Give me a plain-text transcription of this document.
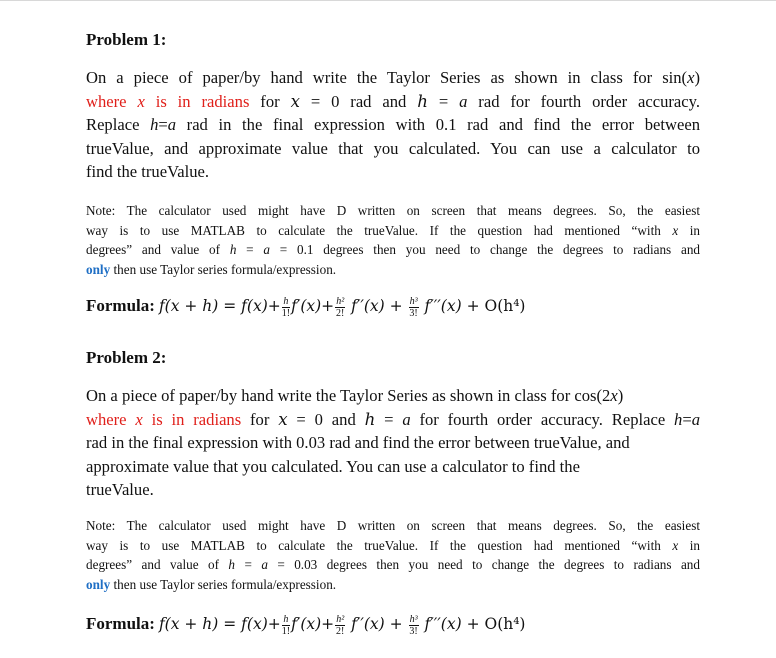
Problem 1:
On a piece of paper/by hand write the Taylor Series as shown in class for sin(x)
where x is in radians for x = 0 rad and h = a rad for fourth order accuracy.
Replace h=a rad in the final expression with 0.1 rad and find the error between
trueValue, and approximate value that you calculated. You can use a calculator to
find the trueValue.
Note: The calculator used might have D written on screen that means degrees. So, the easiest
way is to use MATLAB to calculate the trueValue. If the question had mentioned “with x in
degrees” and value of h = a = 0.1 degrees then you need to change the degrees to radians and
only then use Taylor series formula/expression.
Formula: $f(x + h) = f(x)+ \frac{h}{1!} f'(x)+ \frac{\text{h²}}{2!} f''(x) + \frac{\text{h³}}{3!} f'''(x) + O(h^4)$
Problem 2:
On a piece of paper/by hand write the Taylor Series as shown in class for cos(2x)
where x is in radians for x = 0 and h = a for fourth order accuracy. Replace h=a
rad in the final expression with 0.03 rad and find the error between trueValue, and
approximate value that you calculated. You can use a calculator to find the
trueValue.
Note: The calculator used might have D written on screen that means degrees. So, the easiest
way is to use MATLAB to calculate the trueValue. If the question had mentioned “with x in
degrees” and value of h = a = 0.03 degrees then you need to change the degrees to radians and
only then use Taylor series formula/expression.
Formula: $f(x + h) = f(x)+ \frac{h}{1!} f'(x)+ \frac{\text{h²}}{2!} f''(x) + \frac{\text{h³}}{3!} f'''(x) + O(h^4)$
